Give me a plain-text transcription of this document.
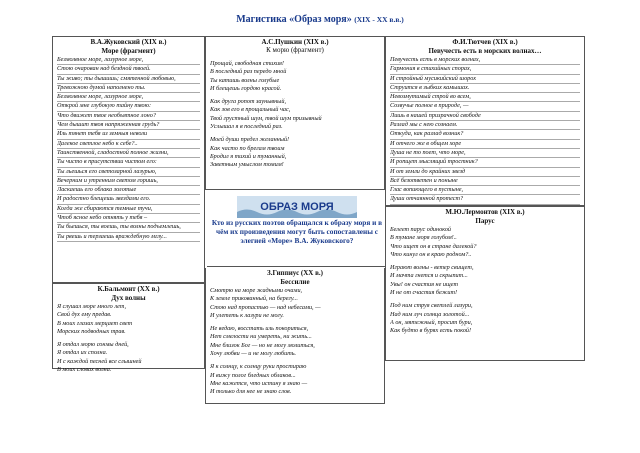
Магистика «Образ моря» (XIX - XX в.в.)
В.А.Жуковский (XIX в.)
Море (фрагмент)
Безмолвное море, лазурное море,
Стою очарован над бездной твоей.
Ты живо; ты дышишь; смятенной любовью,
Тревожною думой наполнено ты.
Безмолвное море, лазурное море,
Открой мне глубокую тайну твою:
Что движет твое необъятное лоно?
Чем дышит твоя напряженная грудь?
Иль тянет тебя из земныя неволи
Далекое светлое небо к себе?..
Таинственной, сладостной полное жизни,
Ты чисто в присутствии чистом его:
Ты льешься его светозарной лазурью,
Вечерним и утренним светом горишь,
Ласкаешь его облака золотые
И радостно блещешь звездами его.
Когда же сбираются темные тучи,
Чтоб ясное небо отнять у тебя –
Ты бьешься, ты воешь, ты волны подъемлешь,
Ты рвешь и терзаешь враждебную мглу...
А.С.Пушкин (XIX в.)
К морю (фрагмент)
Прощай, свободная стихия!
В последний раз передо мной
Ты катишь волны голубые
И блещешь гордою красой.
Как друга ропот заунывный,
Как зов его в прощальный час,
Твой грустный шум, твой шум призывный
Услышал я в последний раз.
Моей души предел желанный!
Как часто по брегам твоим
Бродил я тихий и туманный,
Заветным умыслом томим!
Ф.И.Тютчев (XIX в.)
Певучесть есть в морских волнах…
Певучесть есть в морских волнах,
Гармония в стихийных спорах,
И стройный мусикийский шорох
Струится в зыбких камышах.
Невозмутимый строй во всем,
Созвучье полное в природе, —
Лишь в нашей призрачной свободе
Разлад мы с нею сознаем.
Откуда, как разлад возник?
И отчего же в общем хоре
Душа не то поет, что море,
И ропщет мыслящий тростник?
И от земли до крайних звезд
Всё безответен и поныне
Глас вопиющего в пустыне,
Души отчаянной протест?
М.Ю.Лермонтов (XIX в.)
Парус
Белеет парус одинокой
В тумане моря голубом!..
Что ищет он в стране далекой?
Что кинул он в краю родном?..
Играют волны - ветер свищет,
И мачта гнется и скрыпит...
Увы! он счастия не ищет
И не от счастия бежит!
Под ним струя светлей лазури,
Над ним луч солнца золотой...
А он, мятежный, просит бури,
Как будто в бурях есть покой!
К.Бальмонт (XX в.)
Дух волны
Я слушал море много лет,
Свой дух ему предав.
В моих глазах мерцает свет
Морских подводных трав.
Я отдал морю сонмы дней,
Я отдал их сполна.
И с каждой песней все слышней
В моих словах волна.
ОБРАЗ МОРЯ
Кто из русских поэтов обращался к образу моря и в чём их произведения могут быть сопоставлены с элегией «Море» В.А. Жуковского?
З.Гиппиус (XX в.)
Бессилие
Смотрю на море жадными очами,
К земле прикованный, на берегу...
Стою над пропастью — над небесами, —
И улететь к лазури не могу.
Не ведаю, восстать иль покориться,
Нет смелости ни умереть, ни жить...
Мне близок Бог — но не могу молиться,
Хочу любви — и не могу любить.
Я к солнцу, к солнцу руки простираю
И вижу полог бледных облаков...
Мне кажется, что истину я знаю —
И только для нее не знаю слов.
